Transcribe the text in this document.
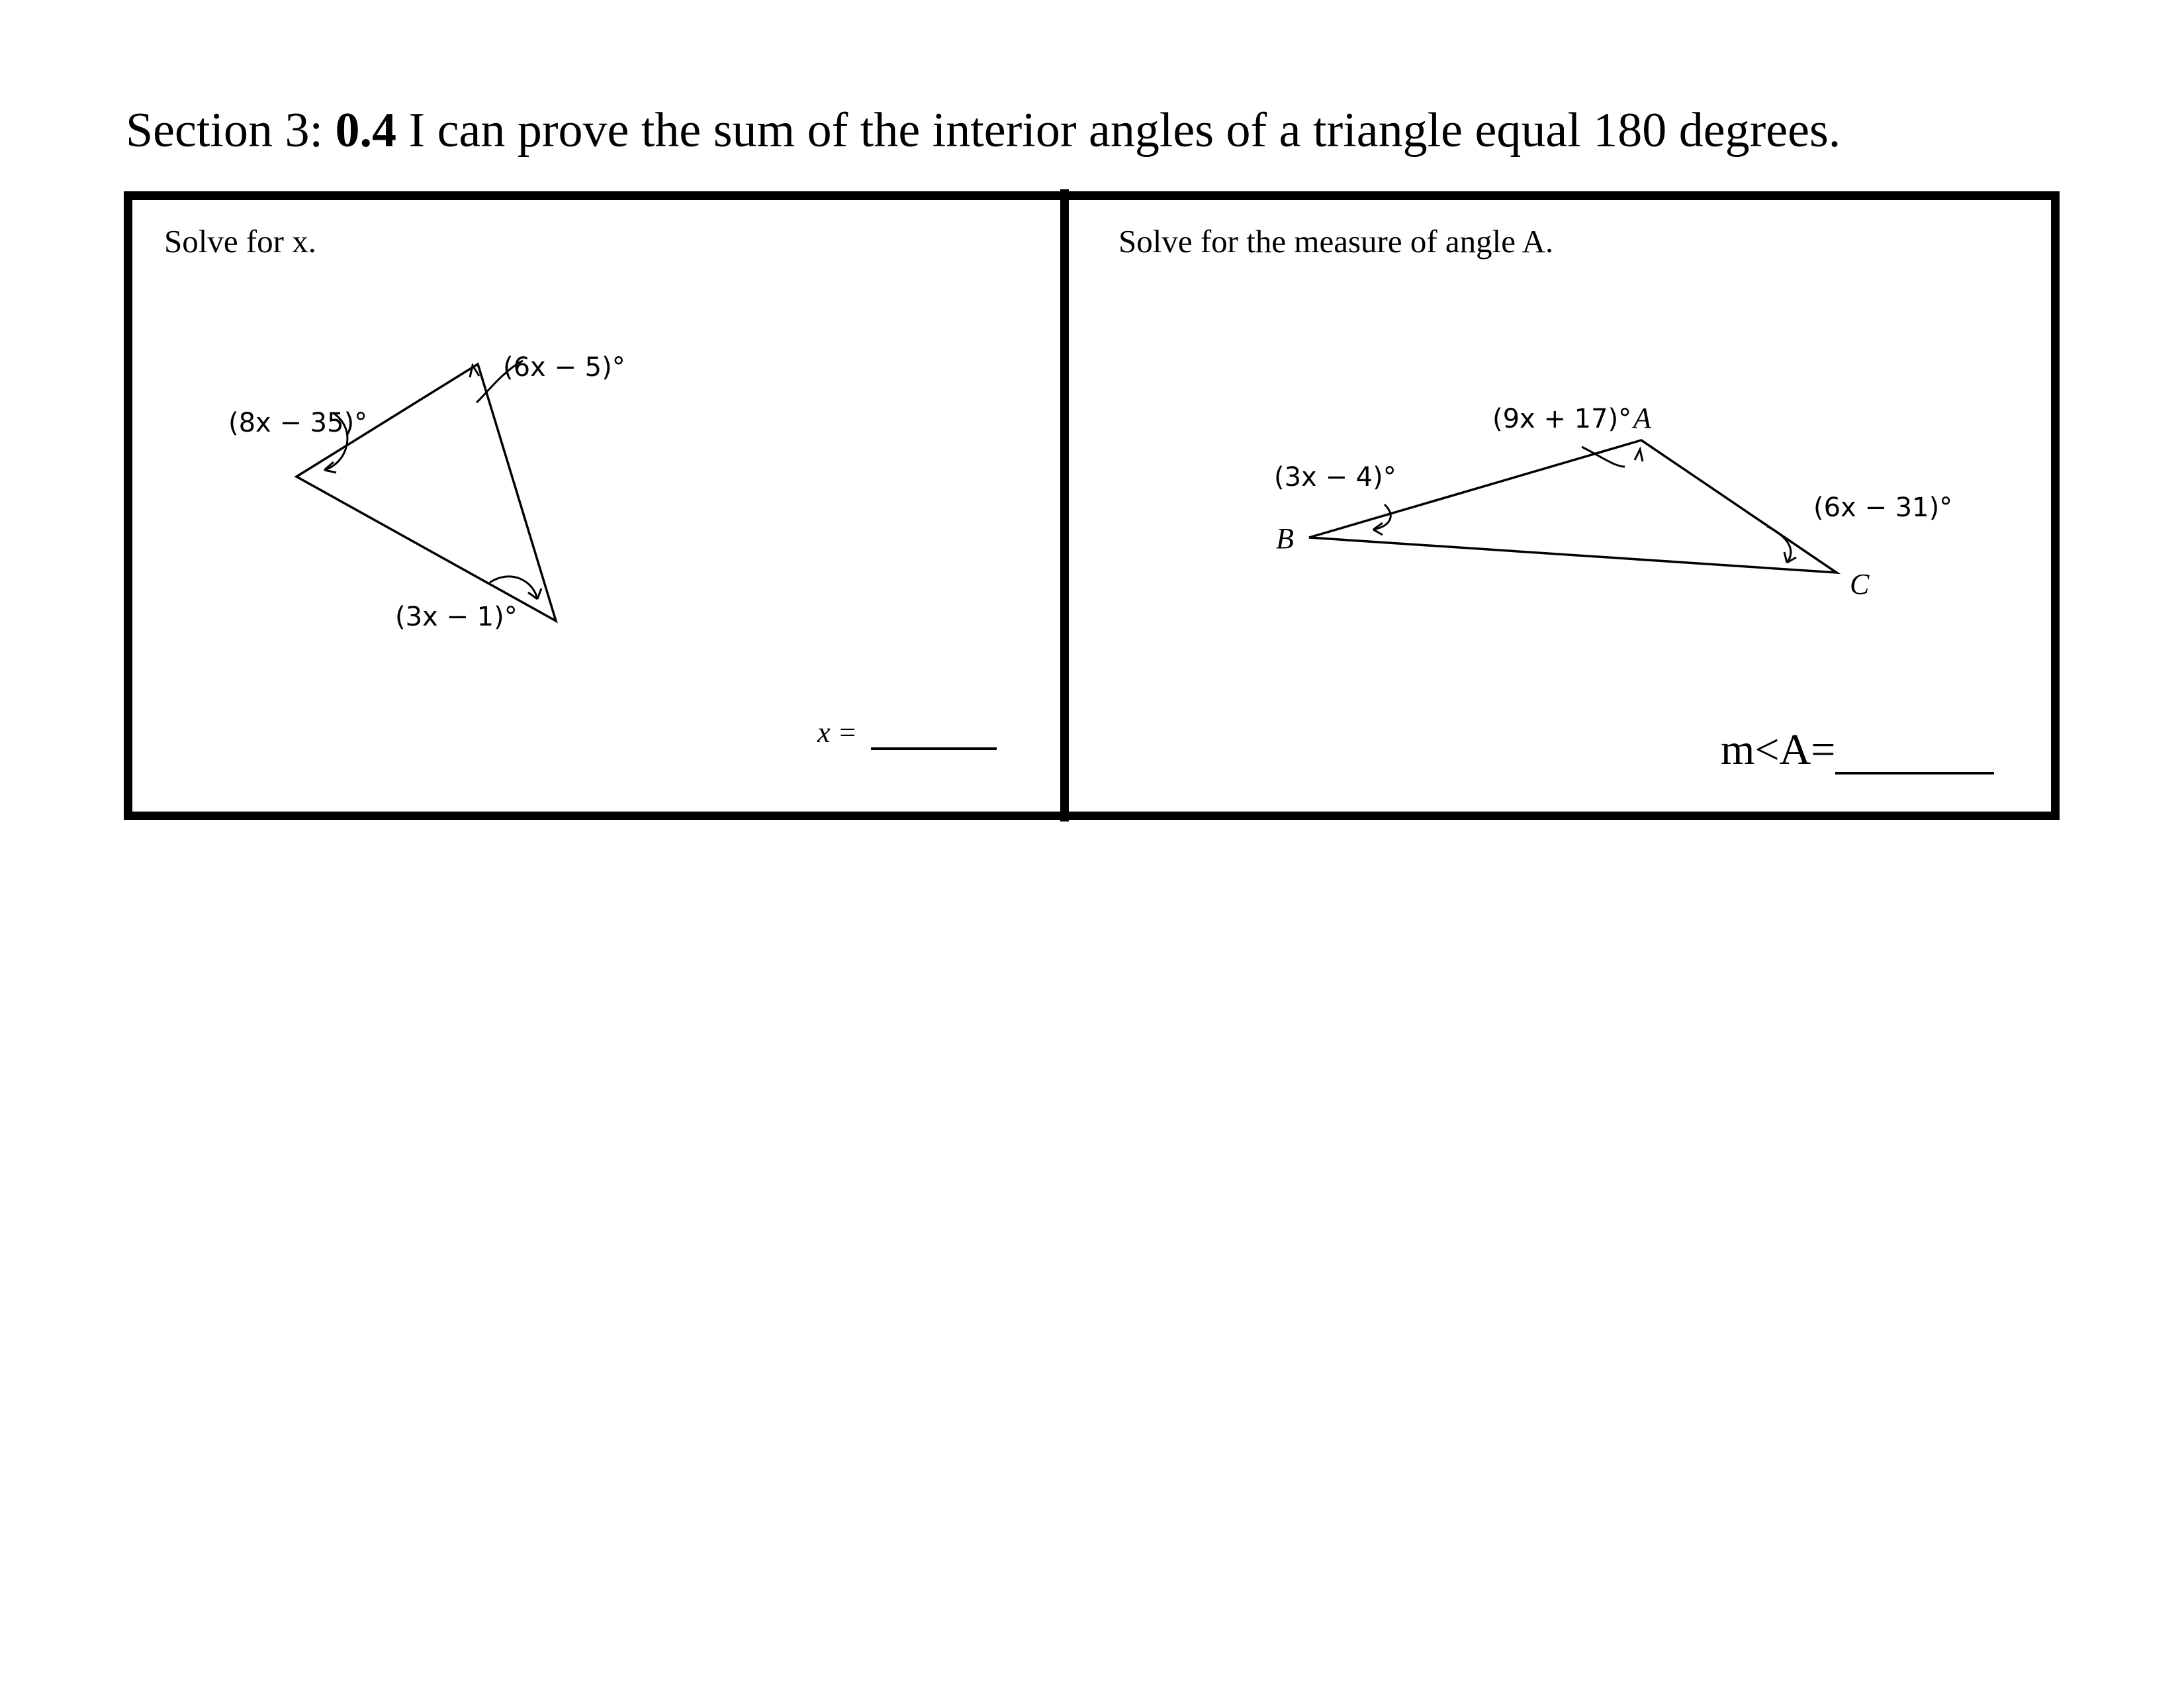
Section 3: 0.4 I can prove the sum of the interior angles of a triangle equal 180 degrees.
Solve for x.
(8x − 35)°
(6x − 5)°
(3x − 1)°
x =
Solve for the measure of angle A.
(9x + 17)°
(3x − 4)°
(6x − 31)°
A
B
C
m<A=
